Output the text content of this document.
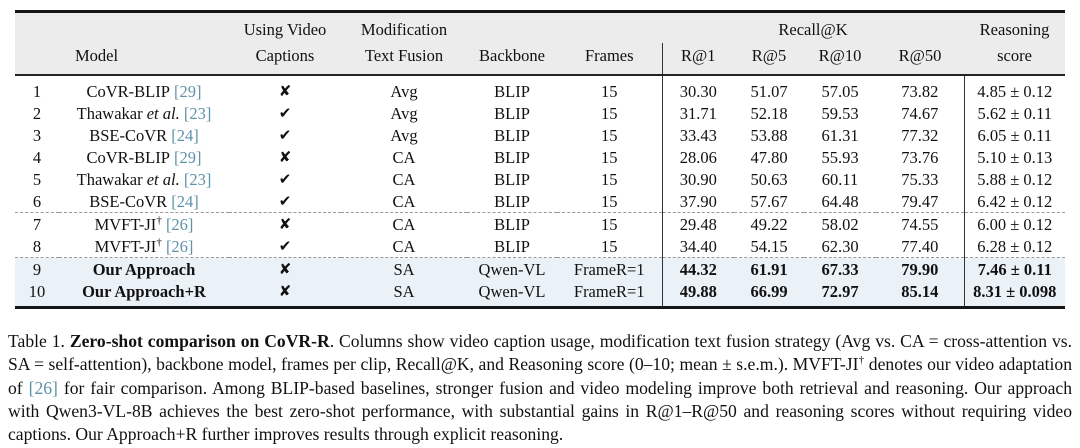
		Using Video	Modification			Recall@K				Reasoning
	Model	Captions	Text Fusion	Backbone	Frames	R@1	R@5	R@10	R@50	score
1	CoVR-BLIP [29]	✘	Avg	BLIP	15	30.30	51.07	57.05	73.82	4.85 ± 0.12
2	Thawakar et al. [23]	✔	Avg	BLIP	15	31.71	52.18	59.53	74.67	5.62 ± 0.11
3	BSE-CoVR [24]	✔	Avg	BLIP	15	33.43	53.88	61.31	77.32	6.05 ± 0.11
4	CoVR-BLIP [29]	✘	CA	BLIP	15	28.06	47.80	55.93	73.76	5.10 ± 0.13
5	Thawakar et al. [23]	✔	CA	BLIP	15	30.90	50.63	60.11	75.33	5.88 ± 0.12
6	BSE-CoVR [24]	✔	CA	BLIP	15	37.90	57.67	64.48	79.47	6.42 ± 0.12
7	MVFT-JI† [26]	✘	CA	BLIP	15	29.48	49.22	58.02	74.55	6.00 ± 0.12
8	MVFT-JI† [26]	✔	CA	BLIP	15	34.40	54.15	62.30	77.40	6.28 ± 0.12
9	Our Approach	✘	SA	Qwen-VL	FrameR=1	44.32	61.91	67.33	79.90	7.46 ± 0.11
10	Our Approach+R	✘	SA	Qwen-VL	FrameR=1	49.88	66.99	72.97	85.14	8.31 ± 0.098

Table 1. Zero-shot comparison on CoVR-R. Columns show video caption usage, modification text fusion strategy (Avg vs. CA = cross-attention vs. SA = self-attention), backbone model, frames per clip, Recall@K, and Reasoning score (0–10; mean ± s.e.m.). MVFT-JI† denotes our video adaptation of [26] for fair comparison. Among BLIP-based baselines, stronger fusion and video modeling improve both retrieval and reasoning. Our approach with Qwen3-VL-8B achieves the best zero-shot performance, with substantial gains in R@1–R@50 and reasoning scores without requiring video captions. Our Approach+R further improves results through explicit reasoning.
